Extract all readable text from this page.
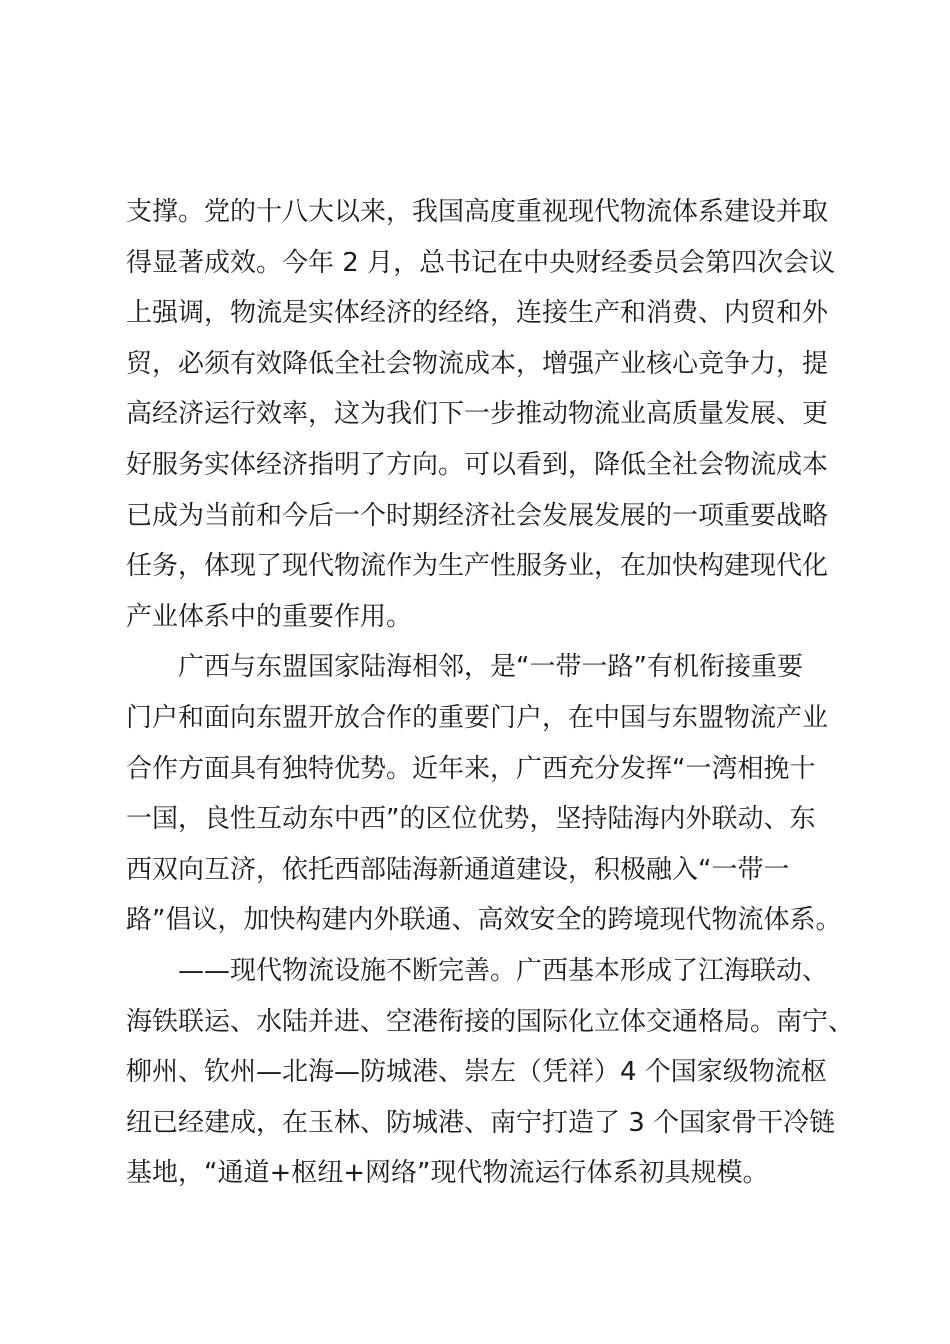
支撑。党的十八大以来，我国高度重视现代物流体系建设并取
得显著成效。今年 2 月，总书记在中央财经委员会第四次会议
上强调，物流是实体经济的经络，连接生产和消费、内贸和外
贸，必须有效降低全社会物流成本，增强产业核心竞争力，提
高经济运行效率，这为我们下一步推动物流业高质量发展、更
好服务实体经济指明了方向。可以看到，降低全社会物流成本
已成为当前和今后一个时期经济社会发展发展的一项重要战略
任务，体现了现代物流作为生产性服务业，在加快构建现代化
产业体系中的重要作用。
广西与东盟国家陆海相邻，是“一带一路”有机衔接重要
门户和面向东盟开放合作的重要门户，在中国与东盟物流产业
合作方面具有独特优势。近年来，广西充分发挥“一湾相挽十
一国，良性互动东中西”的区位优势，坚持陆海内外联动、东
西双向互济，依托西部陆海新通道建设，积极融入“一带一
路”倡议，加快构建内外联通、高效安全的跨境现代物流体系。
——现代物流设施不断完善。广西基本形成了江海联动、
海铁联运、水陆并进、空港衔接的国际化立体交通格局。南宁、
柳州、钦州—北海—防城港、崇左（凭祥）4 个国家级物流枢
纽已经建成，在玉林、防城港、南宁打造了 3 个国家骨干冷链
基地，“通道+枢纽+网络”现代物流运行体系初具规模。
